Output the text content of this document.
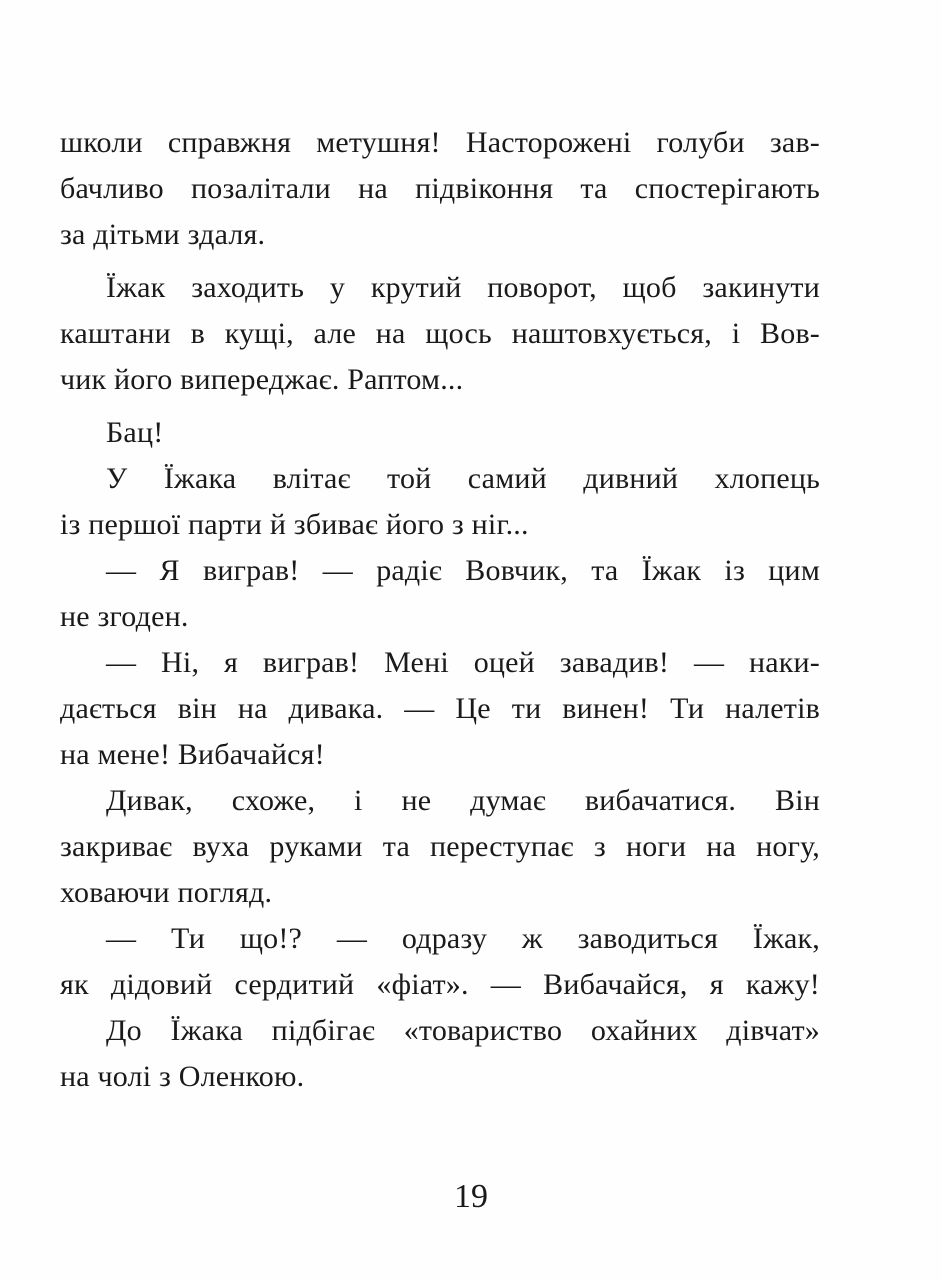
школи справжня метушня! Настороженi голуби зав-
бачливо позалiтали на пiдвiконня та спостерiгають
за дiтьми здаля.
Їжак заходить у крутий поворот, щоб закинути
каштани в кущi, але на щось наштовхується, i Вов-
чик його випереджає. Раптом...
Бац!
У Їжака влiтає той самий дивний хлопець
iз першої парти й збиває його з нiг...
— Я виграв! — радiє Вовчик, та Їжак iз цим
не згоден.
— Нi, я виграв! Менi оцей завадив! — наки-
дається вiн на дивака. — Це ти винен! Ти налетiв
на мене! Вибачайся!
Дивак, схоже, i не думає вибачатися. Вiн
закриває вуха руками та переступає з ноги на ногу,
ховаючи погляд.
— Ти що!? — одразу ж заводиться Їжак,
як дiдовий сердитий «фiат». — Вибачайся, я кажу!
До Їжака пiдбiгає «товариство охайних дiвчат»
на чолi з Оленкою.
19
